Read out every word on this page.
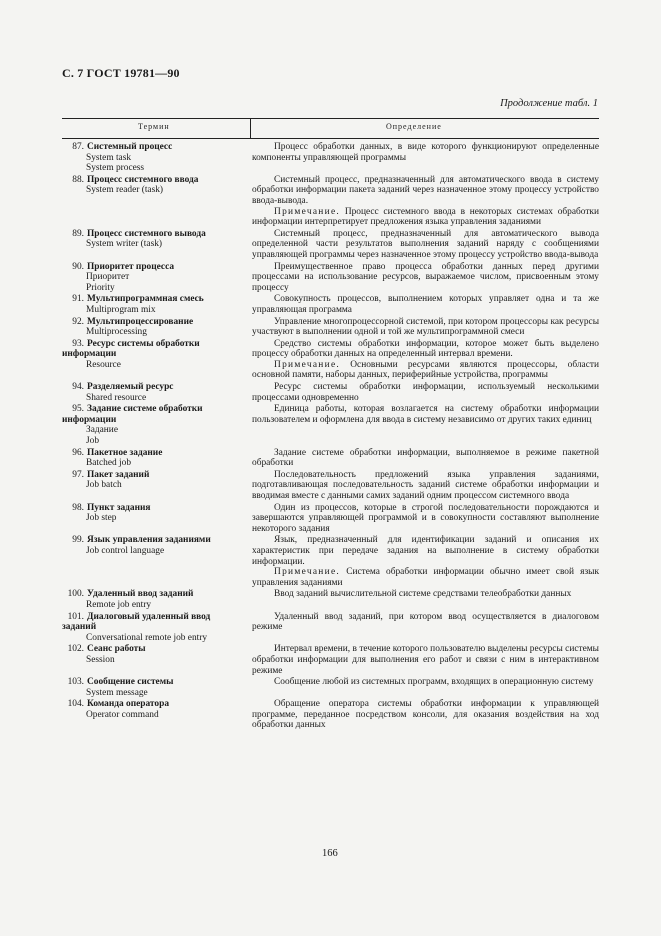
С. 7 ГОСТ 19781—90
Продолжение табл. 1
Термин	Определение
87. Системный процесс
System task
System process

Процесс обработки данных, в виде которого функционируют определенные компоненты управляющей программы

88. Процесс системного ввода
System reader (task)

Системный процесс, предназначенный для автоматического ввода в систему обработки информации пакета заданий через назначенное этому процессу устройство ввода-вывода.

Примечание. Процесс системного ввода в некоторых системах обработки информации интерпретирует предложения языка управления заданиями

89. Процесс системного вывода
System writer (task)

Системный процесс, предназначенный для автоматического вывода определенной части результатов выполнения заданий наряду с сообщениями управляющей программы через назначенное этому процессу устройство ввода-вывода

90. Приоритет процесса
Приоритет
Priority

Преимущественное право процесса обработки данных перед другими процессами на использование ресурсов, выражаемое числом, присвоенным этому процессу

91. Мультипрограммная смесь
Multiprogram mix

Совокупность процессов, выполнением которых управляет одна и та же управляющая программа

92. Мультипроцессирование
Multiprocessing

Управление многопроцессорной системой, при котором процессоры как ресурсы участвуют в выполнении одной и той же мультипрограммной смеси

93. Ресурс системы обработки информации
Resource

Средство системы обработки информации, которое может быть выделено процессу обработки данных на определенный интервал времени.

Примечание. Основными ресурсами являются процессоры, области основной памяти, наборы данных, периферийные устройства, программы

94. Разделяемый ресурс
Shared resource

Ресурс системы обработки информации, используемый несколькими процессами одновременно

95. Задание системе обработки информации
Задание
Job

Единица работы, которая возлагается на систему обработки информации пользователем и оформлена для ввода в систему независимо от других таких единиц

96. Пакетное задание
Batched job

Задание системе обработки информации, выполняемое в режиме пакетной обработки

97. Пакет заданий
Job batch

Последовательность предложений языка управления заданиями, подготавливающая последовательность заданий системе обработки информации и вводимая вместе с данными самих заданий одним процессом системного ввода

98. Пункт задания
Job step

Один из процессов, которые в строгой последовательности порождаются и завершаются управляющей программой и в совокупности составляют выполнение некоторого задания

99. Язык управления заданиями
Job control language

Язык, предназначенный для идентификации заданий и описания их характеристик при передаче задания на выполнение в систему обработки информации.

Примечание. Система обработки информации обычно имеет свой язык управления заданиями

100. Удаленный ввод заданий
Remote job entry

Ввод заданий вычислительной системе средствами телеобработки данных

101. Диалоговый удаленный ввод заданий
Conversational remote job entry

Удаленный ввод заданий, при котором ввод осуществляется в диалоговом режиме

102. Сеанс работы
Session

Интервал времени, в течение которого пользователю выделены ресурсы системы обработки информации для выполнения его работ и связи с ним в интерактивном режиме

103. Сообщение системы
System message

Сообщение любой из системных программ, входящих в операционную систему

104. Команда оператора
Operator command

Обращение оператора системы обработки информации к управляющей программе, переданное посредством консоли, для оказания воздействия на ход обработки данных

166
